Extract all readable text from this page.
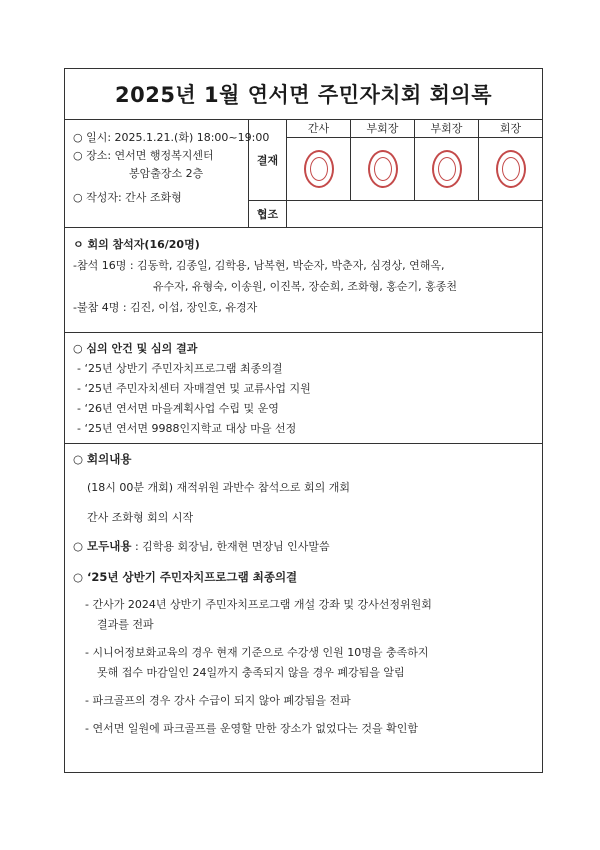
2025년 1월 연서면 주민자치회 회의록
○ 일시: 2025.1.21.(화) 18:00~19:00
○ 장소: 연서면 행정복지센터
봉암출장소 2층
○ 작성자: 간사 조화형
결재
간사	부회장	부회장	회장
협조
ㅇ 회의 참석자(16/20명)
-참석 16명 : 김동학, 김종일, 김학용, 남복현, 박순자, 박춘자, 심경상, 연해옥,
유수자, 유형숙, 이송원, 이진복, 장순희, 조화형, 홍순기, 홍종천
-불참 4명 : 김진, 이섭, 장인호, 유경자
○ 심의 안건 및 심의 결과
- ‘25년 상반기 주민자치프로그램 최종의결
- ‘25년 주민자치센터 자매결연 및 교류사업 지원
- ‘26년 연서면 마을계획사업 수립 및 운영
- ‘25년 연서면 9988인지학교 대상 마을 선정
○ 회의내용
(18시 00분 개회) 재적위원 과반수 참석으로 회의 개회
간사 조화형 회의 시작
○ 모두내용 : 김학용 회장님, 한재현 면장님 인사말씀
○ ‘25년 상반기 주민자치프로그램 최종의결
- 간사가 2024년 상반기 주민자치프로그램 개설 강좌 및 강사선정위원회
결과를 전파
- 시니어정보화교육의 경우 현재 기준으로 수강생 인원 10명을 충족하지
못해 접수 마감일인 24일까지 충족되지 않을 경우 폐강됨을 알림
- 파크골프의 경우 강사 수급이 되지 않아 폐강됨을 전파
- 연서면 일원에 파크골프를 운영할 만한 장소가 없었다는 것을 확인함
